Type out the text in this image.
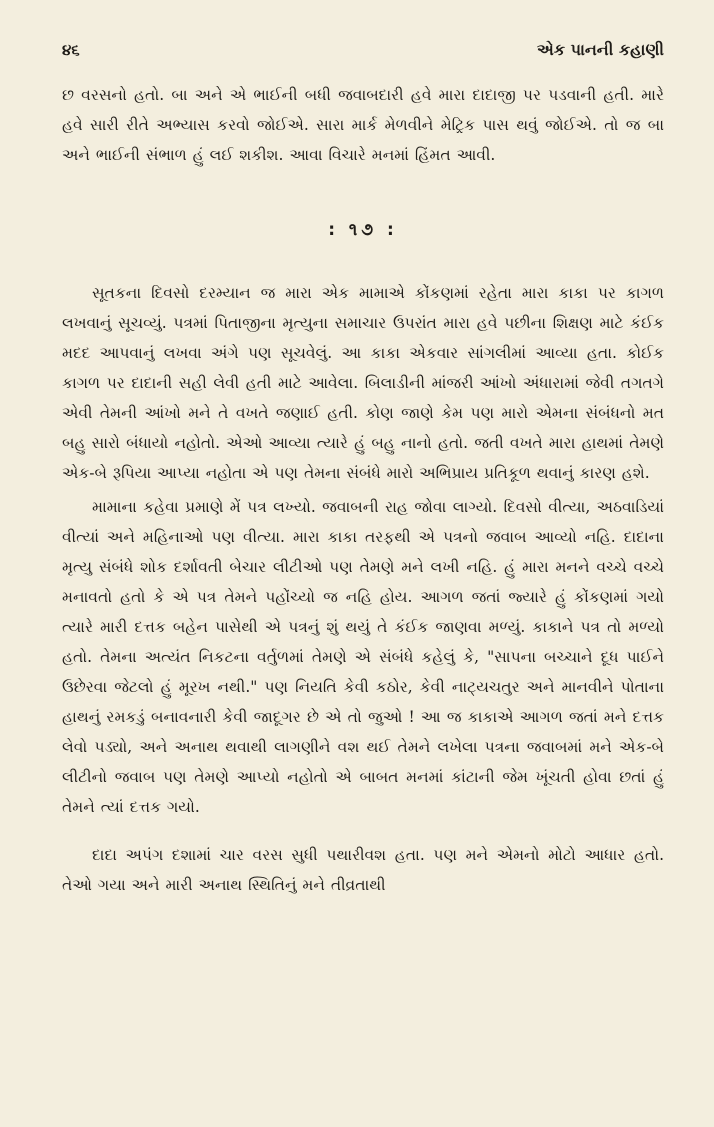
૪૬	એક પાનની કહાણી

છ વરસનો હતો. બા અને એ ભાઈની બધી જવાબદારી હવે મારા દાદાજી પર પડવાની હતી. મારે હવે સારી રીતે અભ્યાસ કરવો જોઈએ. સારા માર્ક મેળવીને મેટ્રિક પાસ થવું જોઈએ. તો જ બા અને ભાઈની સંભાળ હું લઈ શકીશ. આવા વિચારે મનમાં હિંમત આવી.

: ૧૭ :

સૂતકના દિવસો દરમ્યાન જ મારા એક મામાએ કોંકણમાં રહેતા મારા કાકા પર કાગળ લખવાનું સૂચવ્યું. પત્રમાં પિતાજીના મૃત્યુના સમાચાર ઉપરાંત મારા હવે પછીના શિક્ષણ માટે કંઈક મદદ આપવાનું લખવા અંગે પણ સૂચવેલું. આ કાકા એકવાર સાંગલીમાં આવ્યા હતા. કોઈક કાગળ પર દાદાની સહી લેવી હતી માટે આવેલા. બિલાડીની માંજરી આંખો અંધારામાં જેવી તગતગે એવી તેમની આંખો મને તે વખતે જણાઈ હતી. કોણ જાણે કેમ પણ મારો એમના સંબંધનો મત બહુ સારો બંધાયો નહોતો. એઓ આવ્યા ત્યારે હું બહુ નાનો હતો. જતી વખતે મારા હાથમાં તેમણે એક-બે રૂપિયા આપ્યા નહોતા એ પણ તેમના સંબંધે મારો અભિપ્રાય પ્રતિકૂળ થવાનું કારણ હશે.

મામાના કહેવા પ્રમાણે મેં પત્ર લખ્યો. જવાબની રાહ જોવા લાગ્યો. દિવસો વીત્યા, અઠવાડિયાં વીત્યાં અને મહિનાઓ પણ વીત્યા. મારા કાકા તરફથી એ પત્રનો જવાબ આવ્યો નહિ. દાદાના મૃત્યુ સંબંધે શોક દર્શાવતી બેચાર લીટીઓ પણ તેમણે મને લખી નહિ. હું મારા મનને વચ્ચે વચ્ચે મનાવતો હતો કે એ પત્ર તેમને પહોંચ્યો જ નહિ હોય. આગળ જતાં જ્યારે હું કોંકણમાં ગયો ત્યારે મારી દત્તક બહેન પાસેથી એ પત્રનું શું થયું તે કંઈક જાણવા મળ્યું. કાકાને પત્ર તો મળ્યો હતો. તેમના અત્યંત નિકટના વર્તુળમાં તેમણે એ સંબંધે કહેલું કે, "સાપના બચ્ચાને દૂધ પાઈને ઉછેરવા જેટલો હું મૂરખ નથી." પણ નિયતિ કેવી કઠોર, કેવી નાટ્યચતુર અને માનવીને પોતાના હાથનું રમકડું બનાવનારી કેવી જાદૂગર છે એ તો જુઓ ! આ જ કાકાએ આગળ જતાં મને દત્તક લેવો પડ્યો, અને અનાથ થવાથી લાગણીને વશ થઈ તેમને લખેલા પત્રના જવાબમાં મને એક-બે લીટીનો જવાબ પણ તેમણે આપ્યો નહોતો એ બાબત મનમાં કાંટાની જેમ ખૂંચતી હોવા છતાં હું તેમને ત્યાં દત્તક ગયો.

દાદા અપંગ દશામાં ચાર વરસ સુધી પથારીવશ હતા. પણ મને એમનો મોટો આધાર હતો. તેઓ ગયા અને મારી અનાથ સ્થિતિનું મને તીવ્રતાથી
